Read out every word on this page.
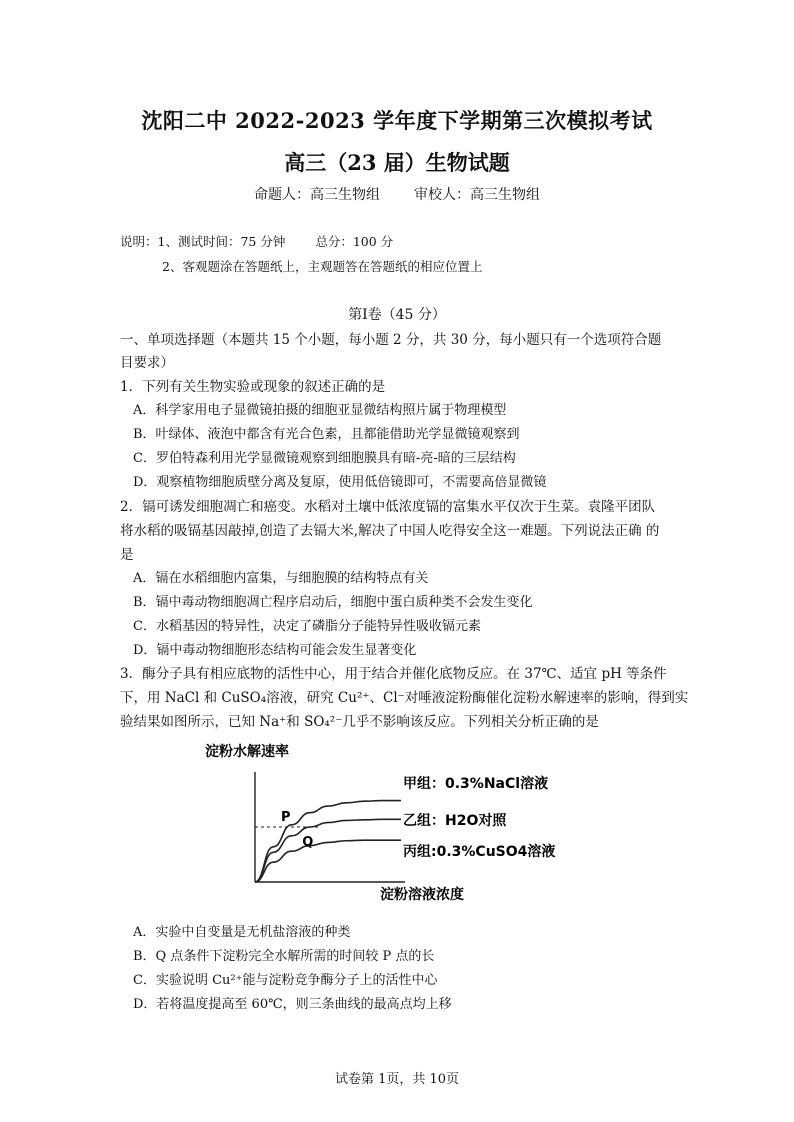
沈阳二中 2022-2023 学年度下学期第三次模拟考试
高三（23 届）生物试题
命题人：高三生物组 审校人：高三生物组
说明：1、测试时间：75 分钟 总分：100 分
2、客观题涂在答题纸上，主观题答在答题纸的相应位置上
第Ⅰ卷（45 分）
一、单项选择题（本题共 15 个小题，每小题 2 分，共 30 分，每小题只有一个选项符合题
目要求）
1．下列有关生物实验或现象的叙述正确的是
A．科学家用电子显微镜拍摄的细胞亚显微结构照片属于物理模型
B．叶绿体、液泡中都含有光合色素，且都能借助光学显微镜观察到
C．罗伯特森利用光学显微镜观察到细胞膜具有暗-亮-暗的三层结构
D．观察植物细胞质壁分离及复原，使用低倍镜即可，不需要高倍显微镜
2．镉可诱发细胞凋亡和癌变。水稻对土壤中低浓度镉的富集水平仅次于生菜。袁隆平团队
将水稻的吸镉基因敲掉,创造了去镉大米,解决了中国人吃得安全这一难题。下列说法正确 的
是
A．镉在水稻细胞内富集，与细胞膜的结构特点有关
B．镉中毒动物细胞凋亡程序启动后，细胞中蛋白质种类不会发生变化
C．水稻基因的特异性，决定了磷脂分子能特异性吸收镉元素
D．镉中毒动物细胞形态结构可能会发生显著变化
3．酶分子具有相应底物的活性中心，用于结合并催化底物反应。在 37℃、适宜 pH 等条件
下，用 NaCl 和 CuSO₄溶液，研究 Cu²⁺、Cl⁻对唾液淀粉酶催化淀粉水解速率的影响，得到实
验结果如图所示，已知 Na⁺和 SO₄²⁻几乎不影响该反应。下列相关分析正确的是
淀粉水解速率
P
Q
淀粉溶液浓度
甲组：0.3%NaCl溶液
乙组：H2O对照
丙组:0.3%CuSO4溶液
A．实验中自变量是无机盐溶液的种类
B．Q 点条件下淀粉完全水解所需的时间较 P 点的长
C．实验说明 Cu²⁺能与淀粉竞争酶分子上的活性中心
D．若将温度提高至 60℃，则三条曲线的最高点均上移
试卷第 1页，共 10页
